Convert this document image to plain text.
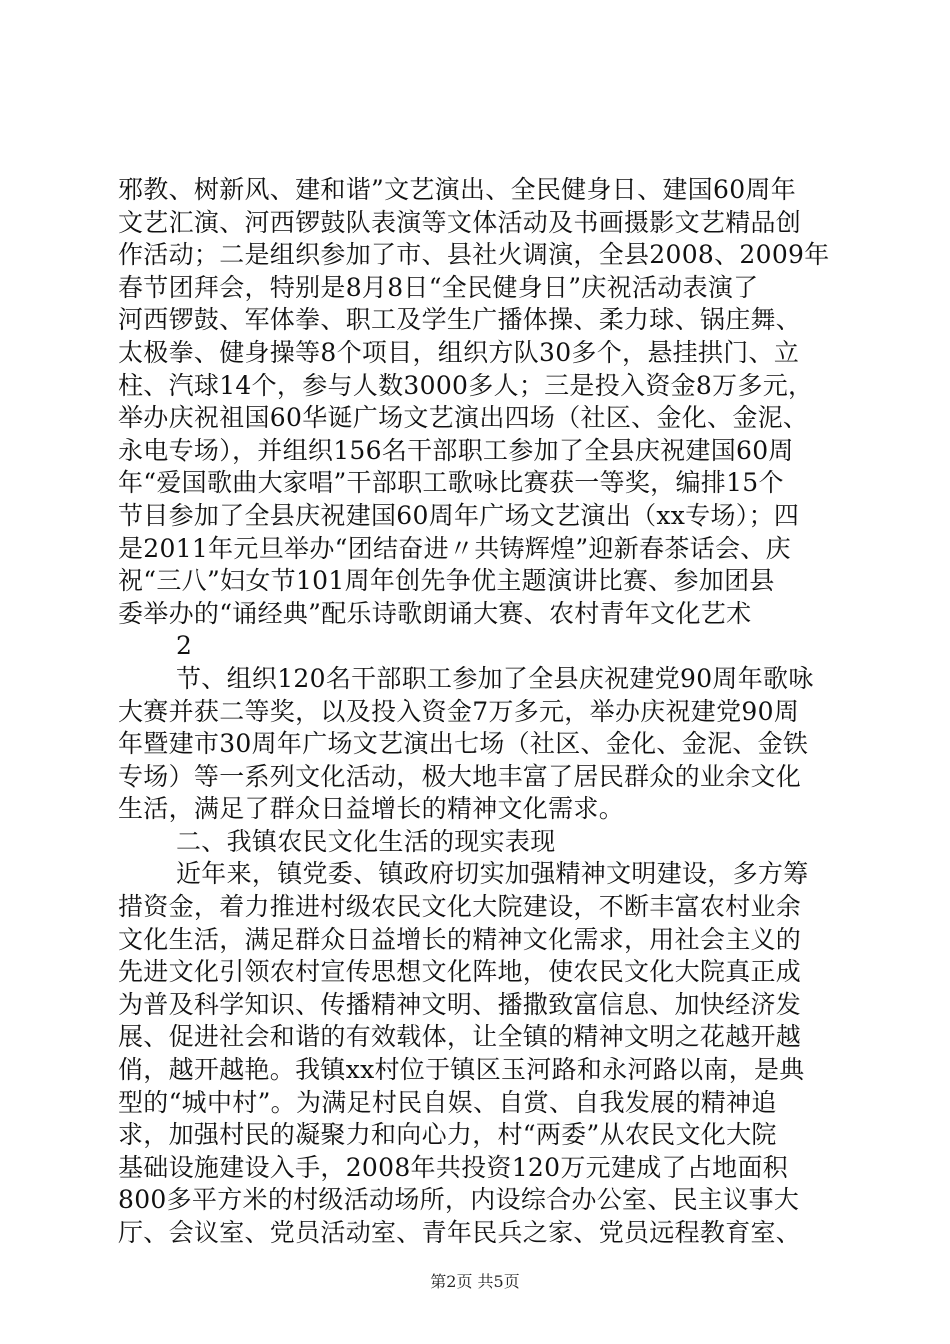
邪教、树新风、建和谐”文艺演出、全民健身日、建国60周年
文艺汇演、河西锣鼓队表演等文体活动及书画摄影文艺精品创
作活动；二是组织参加了市、县社火调演，全县2008、2009年
春节团拜会，特别是8月8日“全民健身日”庆祝活动表演了
河西锣鼓、军体拳、职工及学生广播体操、柔力球、锅庄舞、
太极拳、健身操等8个项目，组织方队30多个，悬挂拱门、立
柱、汽球14个，参与人数3000多人；三是投入资金8万多元，
举办庆祝祖国60华诞广场文艺演出四场（社区、金化、金泥、
永电专场），并组织156名干部职工参加了全县庆祝建国60周
年“爱国歌曲大家唱”干部职工歌咏比赛获一等奖，编排15个
节目参加了全县庆祝建国60周年广场文艺演出（xx专场）；四
是2011年元旦举办“团结奋进〃共铸辉煌”迎新春茶话会、庆
祝“三八”妇女节101周年创先争优主题演讲比赛、参加团县
委举办的“诵经典”配乐诗歌朗诵大赛、农村青年文化艺术
2
节、组织120名干部职工参加了全县庆祝建党90周年歌咏
大赛并获二等奖，以及投入资金7万多元，举办庆祝建党90周
年暨建市30周年广场文艺演出七场（社区、金化、金泥、金铁
专场）等一系列文化活动，极大地丰富了居民群众的业余文化
生活，满足了群众日益增长的精神文化需求。
二、我镇农民文化生活的现实表现
近年来，镇党委、镇政府切实加强精神文明建设，多方筹
措资金，着力推进村级农民文化大院建设，不断丰富农村业余
文化生活，满足群众日益增长的精神文化需求，用社会主义的
先进文化引领农村宣传思想文化阵地，使农民文化大院真正成
为普及科学知识、传播精神文明、播撒致富信息、加快经济发
展、促进社会和谐的有效载体，让全镇的精神文明之花越开越
俏，越开越艳。我镇xx村位于镇区玉河路和永河路以南，是典
型的“城中村”。为满足村民自娱、自赏、自我发展的精神追
求，加强村民的凝聚力和向心力，村“两委”从农民文化大院
基础设施建设入手，2008年共投资120万元建成了占地面积
800多平方米的村级活动场所，内设综合办公室、民主议事大
厅、会议室、党员活动室、青年民兵之家、党员远程教育室、
第2页 共5页
